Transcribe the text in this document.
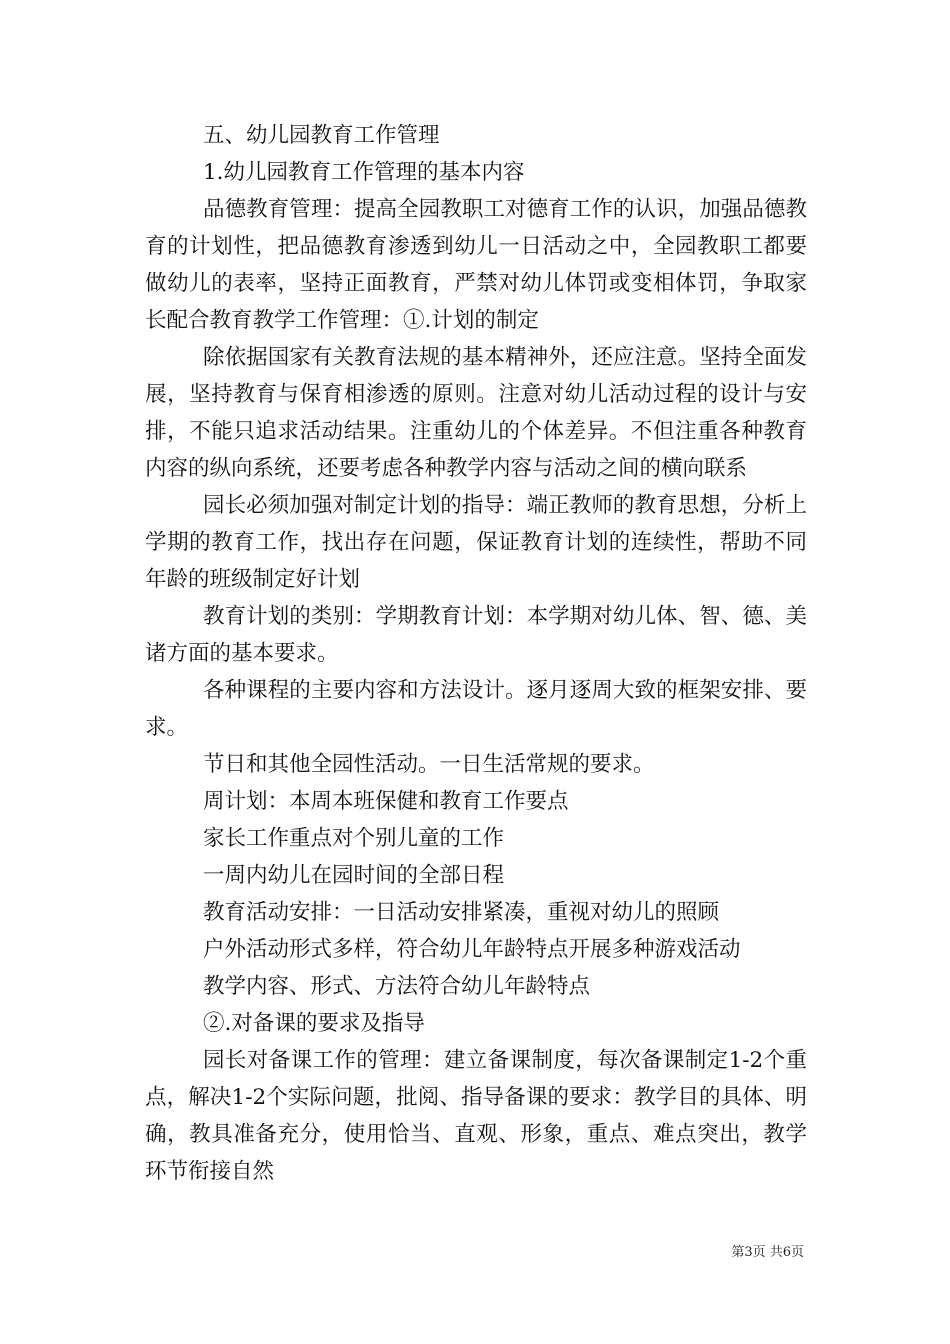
五、幼儿园教育工作管理

1.幼儿园教育工作管理的基本内容

品德教育管理：提高全园教职工对德育工作的认识，加强品德教育的计划性，把品德教育渗透到幼儿一日活动之中，全园教职工都要做幼儿的表率，坚持正面教育，严禁对幼儿体罚或变相体罚，争取家长配合教育教学工作管理：①.计划的制定

除依据国家有关教育法规的基本精神外，还应注意。坚持全面发展，坚持教育与保育相渗透的原则。注意对幼儿活动过程的设计与安排，不能只追求活动结果。注重幼儿的个体差异。不但注重各种教育内容的纵向系统，还要考虑各种教学内容与活动之间的横向联系

园长必须加强对制定计划的指导：端正教师的教育思想，分析上学期的教育工作，找出存在问题，保证教育计划的连续性，帮助不同年龄的班级制定好计划

教育计划的类别：学期教育计划：本学期对幼儿体、智、德、美诸方面的基本要求。

各种课程的主要内容和方法设计。逐月逐周大致的框架安排、要求。

节日和其他全园性活动。一日生活常规的要求。

周计划：本周本班保健和教育工作要点

家长工作重点对个别儿童的工作

一周内幼儿在园时间的全部日程

教育活动安排：一日活动安排紧凑，重视对幼儿的照顾

户外活动形式多样，符合幼儿年龄特点开展多种游戏活动

教学内容、形式、方法符合幼儿年龄特点

②.对备课的要求及指导

园长对备课工作的管理：建立备课制度，每次备课制定1-2个重点，解决1-2个实际问题，批阅、指导备课的要求：教学目的具体、明确，教具准备充分，使用恰当、直观、形象，重点、难点突出，教学环节衔接自然

第3页 共6页
